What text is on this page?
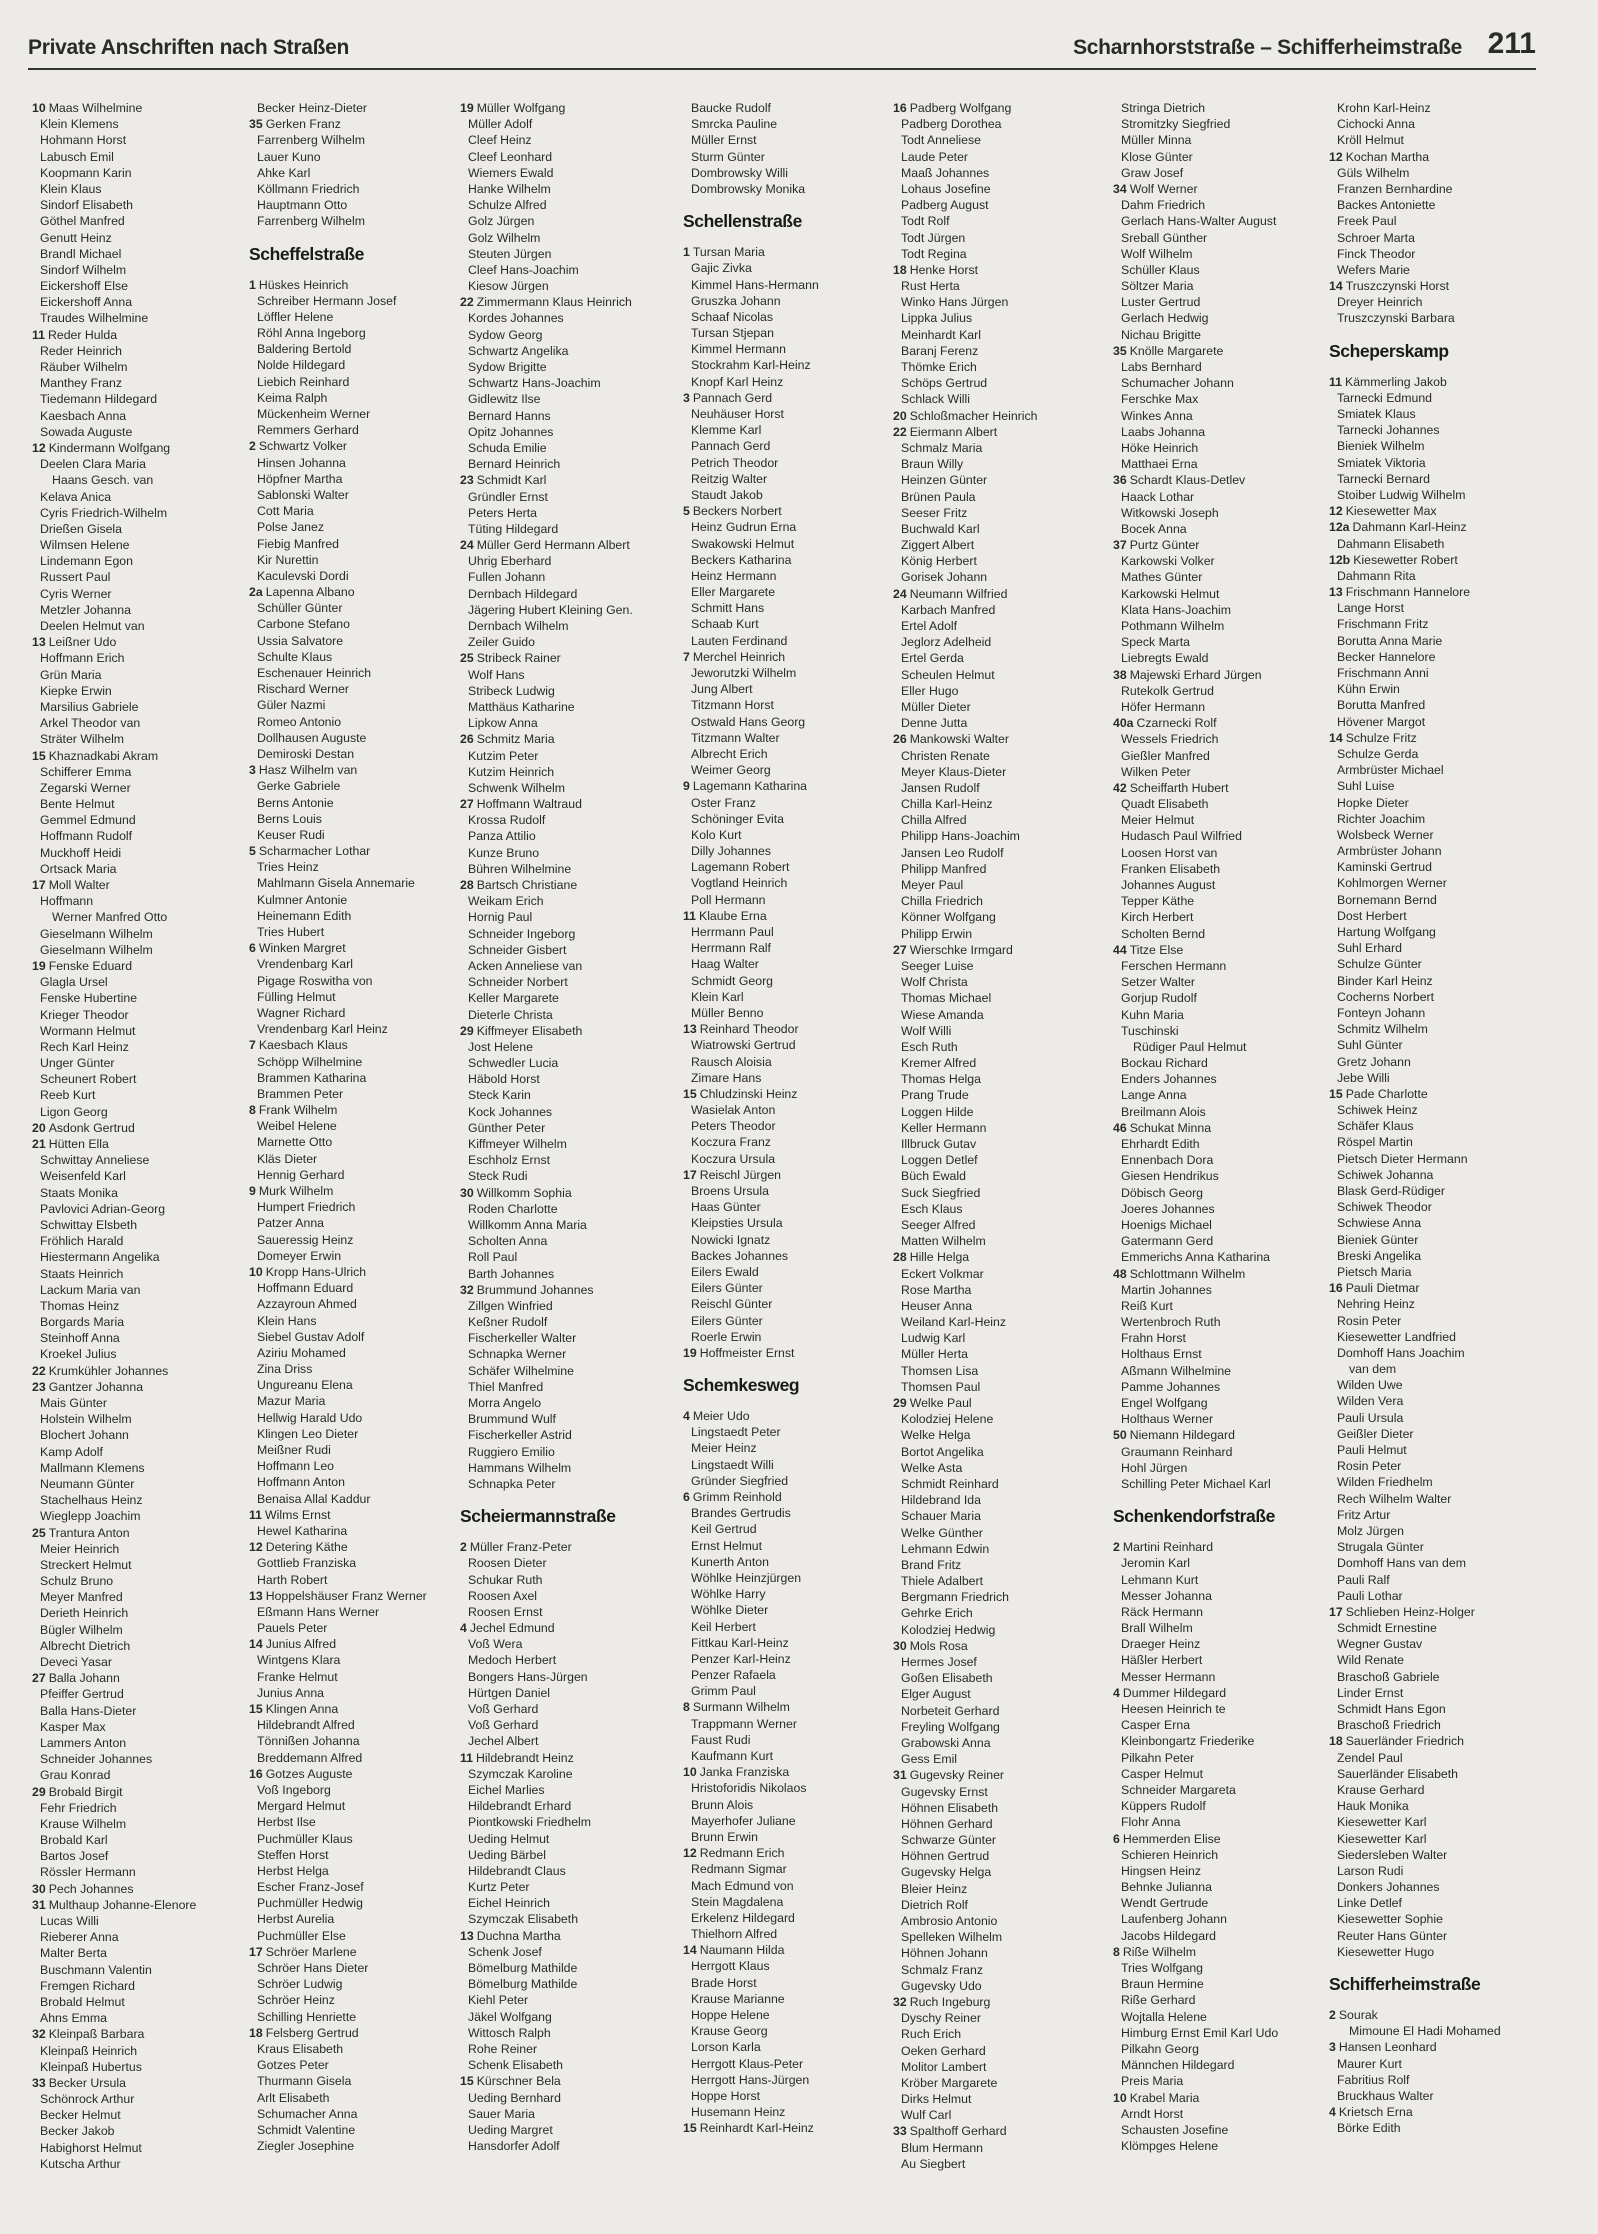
Private Anschriften nach Straßen	Scharnhorststraße – Schifferheimstraße 211
10 Maas Wilhelmine
Klein Klemens
Hohmann Horst
Labusch Emil
Koopmann Karin
Klein Klaus
Sindorf Elisabeth
Göthel Manfred
Genutt Heinz
Brandl Michael
Sindorf Wilhelm
Eickershoff Else
Eickershoff Anna
Traudes Wilhelmine
11 Reder Hulda
Reder Heinrich
Räuber Wilhelm
Manthey Franz
Tiedemann Hildegard
Kaesbach Anna
Sowada Auguste
12 Kindermann Wolfgang
Deelen Clara Maria
Haans Gesch. van
Kelava Anica
Cyris Friedrich-Wilhelm
Drießen Gisela
Wilmsen Helene
Lindemann Egon
Russert Paul
Cyris Werner
Metzler Johanna
Deelen Helmut van
13 Leißner Udo
Hoffmann Erich
Grün Maria
Kiepke Erwin
Marsilius Gabriele
Arkel Theodor van
Sträter Wilhelm
15 Khaznadkabi Akram
Schifferer Emma
Zegarski Werner
Bente Helmut
Gemmel Edmund
Hoffmann Rudolf
Muckhoff Heidi
Ortsack Maria
17 Moll Walter
Hoffmann
Werner Manfred Otto
Gieselmann Wilhelm
Gieselmann Wilhelm
19 Fenske Eduard
Glagla Ursel
Fenske Hubertine
Krieger Theodor
Wormann Helmut
Rech Karl Heinz
Unger Günter
Scheunert Robert
Reeb Kurt
Ligon Georg
20 Asdonk Gertrud
21 Hütten Ella
Schwittay Anneliese
Weisenfeld Karl
Staats Monika
Pavlovici Adrian-Georg
Schwittay Elsbeth
Fröhlich Harald
Hiestermann Angelika
Staats Heinrich
Lackum Maria van
Thomas Heinz
Borgards Maria
Steinhoff Anna
Kroekel Julius
22 Krumkühler Johannes
23 Gantzer Johanna
Mais Günter
Holstein Wilhelm
Blochert Johann
Kamp Adolf
Mallmann Klemens
Neumann Günter
Stachelhaus Heinz
Wieglepp Joachim
25 Trantura Anton
Meier Heinrich
Streckert Helmut
Schulz Bruno
Meyer Manfred
Derieth Heinrich
Bügler Wilhelm
Albrecht Dietrich
Deveci Yasar
27 Balla Johann
Pfeiffer Gertrud
Balla Hans-Dieter
Kasper Max
Lammers Anton
Schneider Johannes
Grau Konrad
29 Brobald Birgit
Fehr Friedrich
Krause Wilhelm
Brobald Karl
Bartos Josef
Rössler Hermann
30 Pech Johannes
31 Multhaup Johanne-Elenore
Lucas Willi
Rieberer Anna
Malter Berta
Buschmann Valentin
Fremgen Richard
Brobald Helmut
Ahns Emma
32 Kleinpaß Barbara
Kleinpaß Heinrich
Kleinpaß Hubertus
33 Becker Ursula
Schönrock Arthur
Becker Helmut
Becker Jakob
Habighorst Helmut
Kutscha Arthur
Becker Heinz-Dieter
35 Gerken Franz
Farrenberg Wilhelm
Lauer Kuno
Ahke Karl
Köllmann Friedrich
Hauptmann Otto
Farrenberg Wilhelm
Scheffelstraße
1 Hüskes Heinrich
Schreiber Hermann Josef
Löffler Helene
Röhl Anna Ingeborg
Baldering Bertold
Nolde Hildegard
Liebich Reinhard
Keima Ralph
Mückenheim Werner
Remmers Gerhard
2 Schwartz Volker
Hinsen Johanna
Höpfner Martha
Sablonski Walter
Cott Maria
Polse Janez
Fiebig Manfred
Kir Nurettin
Kaculevski Dordi
2a Lapenna Albano
Schüller Günter
Carbone Stefano
Ussia Salvatore
Schulte Klaus
Eschenauer Heinrich
Rischard Werner
Güler Nazmi
Romeo Antonio
Dollhausen Auguste
Demiroski Destan
3 Hasz Wilhelm van
Gerke Gabriele
Berns Antonie
Berns Louis
Keuser Rudi
5 Scharmacher Lothar
Tries Heinz
Mahlmann Gisela Annemarie
Kulmner Antonie
Heinemann Edith
Tries Hubert
6 Winken Margret
Vrendenbarg Karl
Pigage Roswitha von
Fülling Helmut
Wagner Richard
Vrendenbarg Karl Heinz
7 Kaesbach Klaus
Schöpp Wilhelmine
Brammen Katharina
Brammen Peter
8 Frank Wilhelm
Weibel Helene
Marnette Otto
Kläs Dieter
Hennig Gerhard
9 Murk Wilhelm
Humpert Friedrich
Patzer Anna
Saueressig Heinz
Domeyer Erwin
10 Kropp Hans-Ulrich
Hoffmann Eduard
Azzayroun Ahmed
Klein Hans
Siebel Gustav Adolf
Aziriu Mohamed
Zina Driss
Ungureanu Elena
Mazur Maria
Hellwig Harald Udo
Klingen Leo Dieter
Meißner Rudi
Hoffmann Leo
Hoffmann Anton
Benaisa Allal Kaddur
11 Wilms Ernst
Hewel Katharina
12 Detering Käthe
Gottlieb Franziska
Harth Robert
13 Hoppelshäuser Franz Werner
Eßmann Hans Werner
Pauels Peter
14 Junius Alfred
Wintgens Klara
Franke Helmut
Junius Anna
15 Klingen Anna
Hildebrandt Alfred
Tönnißen Johanna
Breddemann Alfred
16 Gotzes Auguste
Voß Ingeborg
Mergard Helmut
Herbst Ilse
Puchmüller Klaus
Steffen Horst
Herbst Helga
Escher Franz-Josef
Puchmüller Hedwig
Herbst Aurelia
Puchmüller Else
17 Schröer Marlene
Schröer Hans Dieter
Schröer Ludwig
Schröer Heinz
Schilling Henriette
18 Felsberg Gertrud
Kraus Elisabeth
Gotzes Peter
Thurmann Gisela
Arlt Elisabeth
Schumacher Anna
Schmidt Valentine
Ziegler Josephine
19 Müller Wolfgang
Müller Adolf
Cleef Heinz
Cleef Leonhard
Wiemers Ewald
Hanke Wilhelm
Schulze Alfred
Golz Jürgen
Golz Wilhelm
Steuten Jürgen
Cleef Hans-Joachim
Kiesow Jürgen
22 Zimmermann Klaus Heinrich
Kordes Johannes
Sydow Georg
Schwartz Angelika
Sydow Brigitte
Schwartz Hans-Joachim
Gidlewitz Ilse
Bernard Hanns
Opitz Johannes
Schuda Emilie
Bernard Heinrich
23 Schmidt Karl
Gründler Ernst
Peters Herta
Tüting Hildegard
24 Müller Gerd Hermann Albert
Uhrig Eberhard
Fullen Johann
Dernbach Hildegard
Jägering Hubert Kleining Gen.
Dernbach Wilhelm
Zeiler Guido
25 Stribeck Rainer
Wolf Hans
Stribeck Ludwig
Matthäus Katharine
Lipkow Anna
26 Schmitz Maria
Kutzim Peter
Kutzim Heinrich
Schwenk Wilhelm
27 Hoffmann Waltraud
Krossa Rudolf
Panza Attilio
Kunze Bruno
Bühren Wilhelmine
28 Bartsch Christiane
Weikam Erich
Hornig Paul
Schneider Ingeborg
Schneider Gisbert
Acken Anneliese van
Schneider Norbert
Keller Margarete
Dieterle Christa
29 Kiffmeyer Elisabeth
Jost Helene
Schwedler Lucia
Häbold Horst
Steck Karin
Kock Johannes
Günther Peter
Kiffmeyer Wilhelm
Eschholz Ernst
Steck Rudi
30 Willkomm Sophia
Roden Charlotte
Willkomm Anna Maria
Scholten Anna
Roll Paul
Barth Johannes
32 Brummund Johannes
Zillgen Winfried
Keßner Rudolf
Fischerkeller Walter
Schnapka Werner
Schäfer Wilhelmine
Thiel Manfred
Morra Angelo
Brummund Wulf
Fischerkeller Astrid
Ruggiero Emilio
Hammans Wilhelm
Schnapka Peter
Scheiermannstraße
2 Müller Franz-Peter
Roosen Dieter
Schukar Ruth
Roosen Axel
Roosen Ernst
4 Jechel Edmund
Voß Wera
Medoch Herbert
Bongers Hans-Jürgen
Hürtgen Daniel
Voß Gerhard
Voß Gerhard
Jechel Albert
11 Hildebrandt Heinz
Szymczak Karoline
Eichel Marlies
Hildebrandt Erhard
Piontkowski Friedhelm
Ueding Helmut
Ueding Bärbel
Hildebrandt Claus
Kurtz Peter
Eichel Heinrich
Szymczak Elisabeth
13 Duchna Martha
Schenk Josef
Bömelburg Mathilde
Bömelburg Mathilde
Kiehl Peter
Jäkel Wolfgang
Wittosch Ralph
Rohe Reiner
Schenk Elisabeth
15 Kürschner Bela
Ueding Bernhard
Sauer Maria
Ueding Margret
Hansdorfer Adolf
Baucke Rudolf
Smrcka Pauline
Müller Ernst
Sturm Günter
Dombrowsky Willi
Dombrowsky Monika
Schellenstraße
1 Tursan Maria
Gajic Zivka
Kimmel Hans-Hermann
Gruszka Johann
Schaaf Nicolas
Tursan Stjepan
Kimmel Hermann
Stockrahm Karl-Heinz
Knopf Karl Heinz
3 Pannach Gerd
Neuhäuser Horst
Klemme Karl
Pannach Gerd
Petrich Theodor
Reitzig Walter
Staudt Jakob
5 Beckers Norbert
Heinz Gudrun Erna
Swakowski Helmut
Beckers Katharina
Heinz Hermann
Eller Margarete
Schmitt Hans
Schaab Kurt
Lauten Ferdinand
7 Merchel Heinrich
Jeworutzki Wilhelm
Jung Albert
Titzmann Horst
Ostwald Hans Georg
Titzmann Walter
Albrecht Erich
Weimer Georg
9 Lagemann Katharina
Oster Franz
Schöninger Evita
Kolo Kurt
Dilly Johannes
Lagemann Robert
Vogtland Heinrich
Poll Hermann
11 Klaube Erna
Herrmann Paul
Herrmann Ralf
Haag Walter
Schmidt Georg
Klein Karl
Müller Benno
13 Reinhard Theodor
Wiatrowski Gertrud
Rausch Aloisia
Zimare Hans
15 Chludzinski Heinz
Wasielak Anton
Peters Theodor
Koczura Franz
Koczura Ursula
17 Reischl Jürgen
Broens Ursula
Haas Günter
Kleipsties Ursula
Nowicki Ignatz
Backes Johannes
Eilers Ewald
Eilers Günter
Reischl Günter
Eilers Günter
Roerle Erwin
19 Hoffmeister Ernst
Schemkesweg
4 Meier Udo
Lingstaedt Peter
Meier Heinz
Lingstaedt Willi
Gründer Siegfried
6 Grimm Reinhold
Brandes Gertrudis
Keil Gertrud
Ernst Helmut
Kunerth Anton
Wöhlke Heinzjürgen
Wöhlke Harry
Wöhlke Dieter
Keil Herbert
Fittkau Karl-Heinz
Penzer Karl-Heinz
Penzer Rafaela
Grimm Paul
8 Surmann Wilhelm
Trappmann Werner
Faust Rudi
Kaufmann Kurt
10 Janka Franziska
Hristoforidis Nikolaos
Brunn Alois
Mayerhofer Juliane
Brunn Erwin
12 Redmann Erich
Redmann Sigmar
Mach Edmund von
Stein Magdalena
Erkelenz Hildegard
Thielhorn Alfred
14 Naumann Hilda
Herrgott Klaus
Brade Horst
Krause Marianne
Hoppe Helene
Krause Georg
Lorson Karla
Herrgott Klaus-Peter
Herrgott Hans-Jürgen
Hoppe Horst
Husemann Heinz
15 Reinhardt Karl-Heinz
16 Padberg Wolfgang
Padberg Dorothea
Todt Anneliese
Laude Peter
Maaß Johannes
Lohaus Josefine
Padberg August
Todt Rolf
Todt Jürgen
Todt Regina
18 Henke Horst
Rust Herta
Winko Hans Jürgen
Lippka Julius
Meinhardt Karl
Baranj Ferenz
Thömke Erich
Schöps Gertrud
Schlack Willi
20 Schloßmacher Heinrich
22 Eiermann Albert
Schmalz Maria
Braun Willy
Heinzen Günter
Brünen Paula
Seeser Fritz
Buchwald Karl
Ziggert Albert
König Herbert
Gorisek Johann
24 Neumann Wilfried
Karbach Manfred
Ertel Adolf
Jeglorz Adelheid
Ertel Gerda
Scheulen Helmut
Eller Hugo
Müller Dieter
Denne Jutta
26 Mankowski Walter
Christen Renate
Meyer Klaus-Dieter
Jansen Rudolf
Chilla Karl-Heinz
Chilla Alfred
Philipp Hans-Joachim
Jansen Leo Rudolf
Philipp Manfred
Meyer Paul
Chilla Friedrich
Könner Wolfgang
Philipp Erwin
27 Wierschke Irmgard
Seeger Luise
Wolf Christa
Thomas Michael
Wiese Amanda
Wolf Willi
Esch Ruth
Kremer Alfred
Thomas Helga
Prang Trude
Loggen Hilde
Keller Hermann
Illbruck Gutav
Loggen Detlef
Büch Ewald
Suck Siegfried
Esch Klaus
Seeger Alfred
Matten Wilhelm
28 Hille Helga
Eckert Volkmar
Rose Martha
Heuser Anna
Weiland Karl-Heinz
Ludwig Karl
Müller Herta
Thomsen Lisa
Thomsen Paul
29 Welke Paul
Kolodziej Helene
Welke Helga
Bortot Angelika
Welke Asta
Schmidt Reinhard
Hildebrand Ida
Schauer Maria
Welke Günther
Lehmann Edwin
Brand Fritz
Thiele Adalbert
Bergmann Friedrich
Gehrke Erich
Kolodziej Hedwig
30 Mols Rosa
Hermes Josef
Goßen Elisabeth
Elger August
Norbeteit Gerhard
Freyling Wolfgang
Grabowski Anna
Gess Emil
31 Gugevsky Reiner
Gugevsky Ernst
Höhnen Elisabeth
Höhnen Gerhard
Schwarze Günter
Höhnen Gertrud
Gugevsky Helga
Bleier Heinz
Dietrich Rolf
Ambrosio Antonio
Spelleken Wilhelm
Höhnen Johann
Schmalz Franz
Gugevsky Udo
32 Ruch Ingeburg
Dyschy Reiner
Ruch Erich
Oeken Gerhard
Molitor Lambert
Kröber Margarete
Dirks Helmut
Wulf Carl
33 Spalthoff Gerhard
Blum Hermann
Au Siegbert
Stringa Dietrich
Stromitzky Siegfried
Müller Minna
Klose Günter
Graw Josef
34 Wolf Werner
Dahm Friedrich
Gerlach Hans-Walter August
Sreball Günther
Wolf Wilhelm
Schüller Klaus
Söltzer Maria
Luster Gertrud
Gerlach Hedwig
Nichau Brigitte
35 Knölle Margarete
Labs Bernhard
Schumacher Johann
Ferschke Max
Winkes Anna
Laabs Johanna
Höke Heinrich
Matthaei Erna
36 Schardt Klaus-Detlev
Haack Lothar
Witkowski Joseph
Bocek Anna
37 Purtz Günter
Karkowski Volker
Mathes Günter
Karkowski Helmut
Klata Hans-Joachim
Pothmann Wilhelm
Speck Marta
Liebregts Ewald
38 Majewski Erhard Jürgen
Rutekolk Gertrud
Höfer Hermann
40a Czarnecki Rolf
Wessels Friedrich
Gießler Manfred
Wilken Peter
42 Scheiffarth Hubert
Quadt Elisabeth
Meier Helmut
Hudasch Paul Wilfried
Loosen Horst van
Franken Elisabeth
Johannes August
Tepper Käthe
Kirch Herbert
Scholten Bernd
44 Titze Else
Ferschen Hermann
Setzer Walter
Gorjup Rudolf
Kuhn Maria
Tuschinski
Rüdiger Paul Helmut
Bockau Richard
Enders Johannes
Lange Anna
Breilmann Alois
46 Schukat Minna
Ehrhardt Edith
Ennenbach Dora
Giesen Hendrikus
Döbisch Georg
Joeres Johannes
Hoenigs Michael
Gatermann Gerd
Emmerichs Anna Katharina
48 Schlottmann Wilhelm
Martin Johannes
Reiß Kurt
Wertenbroch Ruth
Frahn Horst
Holthaus Ernst
Aßmann Wilhelmine
Pamme Johannes
Engel Wolfgang
Holthaus Werner
50 Niemann Hildegard
Graumann Reinhard
Hohl Jürgen
Schilling Peter Michael Karl
Schenkendorfstraße
2 Martini Reinhard
Jeromin Karl
Lehmann Kurt
Messer Johanna
Räck Hermann
Brall Wilhelm
Draeger Heinz
Häßler Herbert
Messer Hermann
4 Dummer Hildegard
Heesen Heinrich te
Casper Erna
Kleinbongartz Friederike
Pilkahn Peter
Casper Helmut
Schneider Margareta
Küppers Rudolf
Flohr Anna
6 Hemmerden Elise
Schieren Heinrich
Hingsen Heinz
Behnke Julianna
Wendt Gertrude
Laufenberg Johann
Jacobs Hildegard
8 Riße Wilhelm
Tries Wolfgang
Braun Hermine
Riße Gerhard
Wojtalla Helene
Himburg Ernst Emil Karl Udo
Pilkahn Georg
Männchen Hildegard
Preis Maria
10 Krabel Maria
Arndt Horst
Schausten Josefine
Klömpges Helene
Krohn Karl-Heinz
Cichocki Anna
Kröll Helmut
12 Kochan Martha
Güls Wilhelm
Franzen Bernhardine
Backes Antoniette
Freek Paul
Schroer Marta
Finck Theodor
Wefers Marie
14 Truszczynski Horst
Dreyer Heinrich
Truszczynski Barbara
Scheperskamp
11 Kämmerling Jakob
Tarnecki Edmund
Smiatek Klaus
Tarnecki Johannes
Bieniek Wilhelm
Smiatek Viktoria
Tarnecki Bernard
Stoiber Ludwig Wilhelm
12 Kiesewetter Max
12a Dahmann Karl-Heinz
Dahmann Elisabeth
12b Kiesewetter Robert
Dahmann Rita
13 Frischmann Hannelore
Lange Horst
Frischmann Fritz
Borutta Anna Marie
Becker Hannelore
Frischmann Anni
Kühn Erwin
Borutta Manfred
Hövener Margot
14 Schulze Fritz
Schulze Gerda
Armbrüster Michael
Suhl Luise
Hopke Dieter
Richter Joachim
Wolsbeck Werner
Armbrüster Johann
Kaminski Gertrud
Kohlmorgen Werner
Bornemann Bernd
Dost Herbert
Hartung Wolfgang
Suhl Erhard
Schulze Günter
Binder Karl Heinz
Cocherns Norbert
Fonteyn Johann
Schmitz Wilhelm
Suhl Günter
Gretz Johann
Jebe Willi
15 Pade Charlotte
Schiwek Heinz
Schäfer Klaus
Röspel Martin
Pietsch Dieter Hermann
Schiwek Johanna
Blask Gerd-Rüdiger
Schiwek Theodor
Schwiese Anna
Bieniek Günter
Breski Angelika
Pietsch Maria
16 Pauli Dietmar
Nehring Heinz
Rosin Peter
Kiesewetter Landfried
Domhoff Hans Joachim
van dem
Wilden Uwe
Wilden Vera
Pauli Ursula
Geißler Dieter
Pauli Helmut
Rosin Peter
Wilden Friedhelm
Rech Wilhelm Walter
Fritz Artur
Molz Jürgen
Strugala Günter
Domhoff Hans van dem
Pauli Ralf
Pauli Lothar
17 Schlieben Heinz-Holger
Schmidt Ernestine
Wegner Gustav
Wild Renate
Braschoß Gabriele
Linder Ernst
Schmidt Hans Egon
Braschoß Friedrich
18 Sauerländer Friedrich
Zendel Paul
Sauerländer Elisabeth
Krause Gerhard
Hauk Monika
Kiesewetter Karl
Kiesewetter Karl
Siedersleben Walter
Larson Rudi
Donkers Johannes
Linke Detlef
Kiesewetter Sophie
Reuter Hans Günter
Kiesewetter Hugo
Schifferheimstraße
2 Sourak
Mimoune El Hadi Mohamed
3 Hansen Leonhard
Maurer Kurt
Fabritius Rolf
Bruckhaus Walter
4 Krietsch Erna
Börke Edith
